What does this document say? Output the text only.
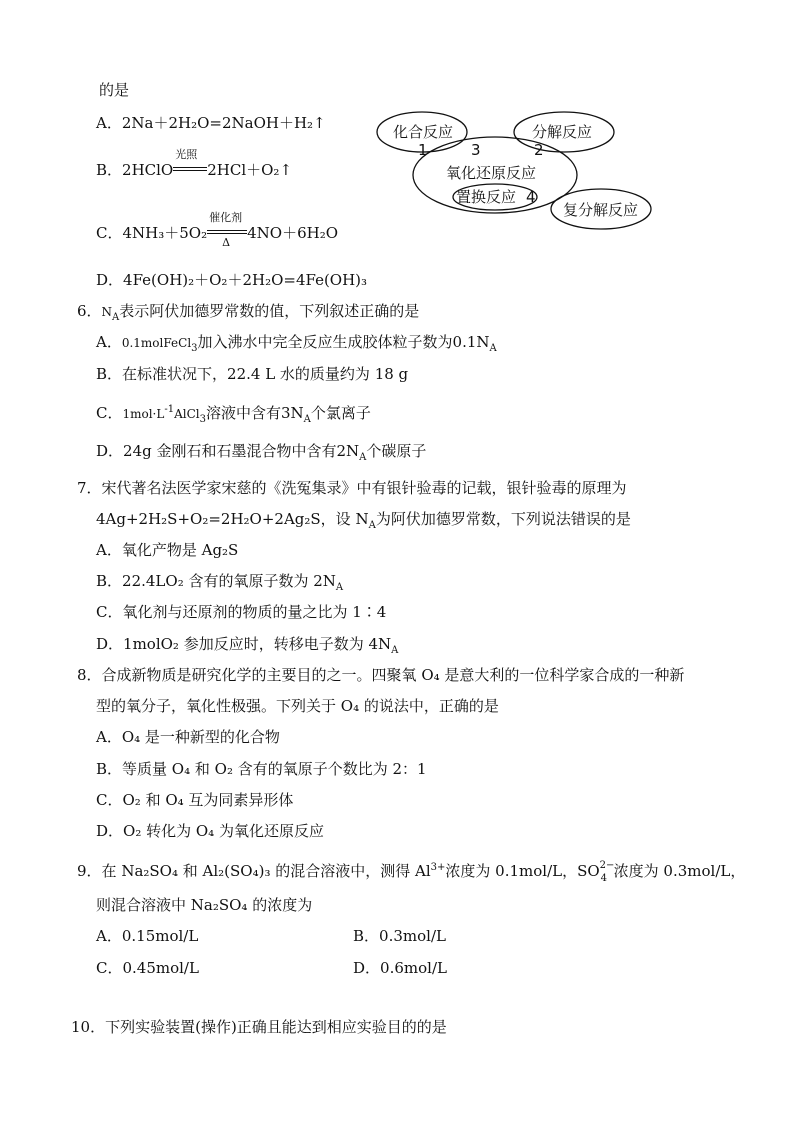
的是
A．2Na＋2H₂O=2NaOH＋H₂↑
B．2HClO
光照
2HCl＋O₂↑
C．4NH₃＋5O₂
催化剂
Δ
4NO＋6H₂O
D．4Fe(OH)₂＋O₂＋2H₂O=4Fe(OH)₃
化合反应	分解反应
1	3	2
氧化还原反应
置换反应 4
复分解反应
6．$N_A$表示阿伏加德罗常数的值，下列叙述正确的是
A．0.1molFeCl$_3$加入沸水中完全反应生成胶体粒子数为$0.1N_A$
B．在标准状况下，22.4 L 水的质量约为 18 g
C．$1mol\cdot L^{-1}AlCl_3$溶液中含有$3N_A$个氯离子
D．24g 金刚石和石墨混合物中含有$2N_A$个碳原子
7．宋代著名法医学家宋慈的《洗冤集录》中有银针验毒的记载，银针验毒的原理为
4Ag+2H₂S+O₂=2H₂O+2Ag₂S，设 $N_A$为阿伏加德罗常数，下列说法错误的是
A．氧化产物是 Ag₂S
B．22.4LO₂ 含有的氧原子数为 $2N_A$
C．氧化剂与还原剂的物质的量之比为 1∶4
D．1molO₂ 参加反应时，转移电子数为 $4N_A$
8．合成新物质是研究化学的主要目的之一。四聚氧 O₄ 是意大利的一位科学家合成的一种新
型的氧分子，氧化性极强。下列关于 O₄ 的说法中，正确的是
A．O₄ 是一种新型的化合物
B．等质量 O₄ 和 O₂ 含有的氧原子个数比为 2：1
C．O₂ 和 O₄ 互为同素异形体
D．O₂ 转化为 O₄ 为氧化还原反应
9．在 Na₂SO₄ 和 Al₂(SO₄)₃ 的混合溶液中，测得 $Al^{3+}$浓度为 0.1mol/L，SO 2−
4 浓度为 0.3mol/L，
则混合溶液中 Na₂SO₄ 的浓度为
A．0.15mol/L	B．0.3mol/L
C．0.45mol/L	D．0.6mol/L
10．下列实验装置(操作)正确且能达到相应实验目的的是
